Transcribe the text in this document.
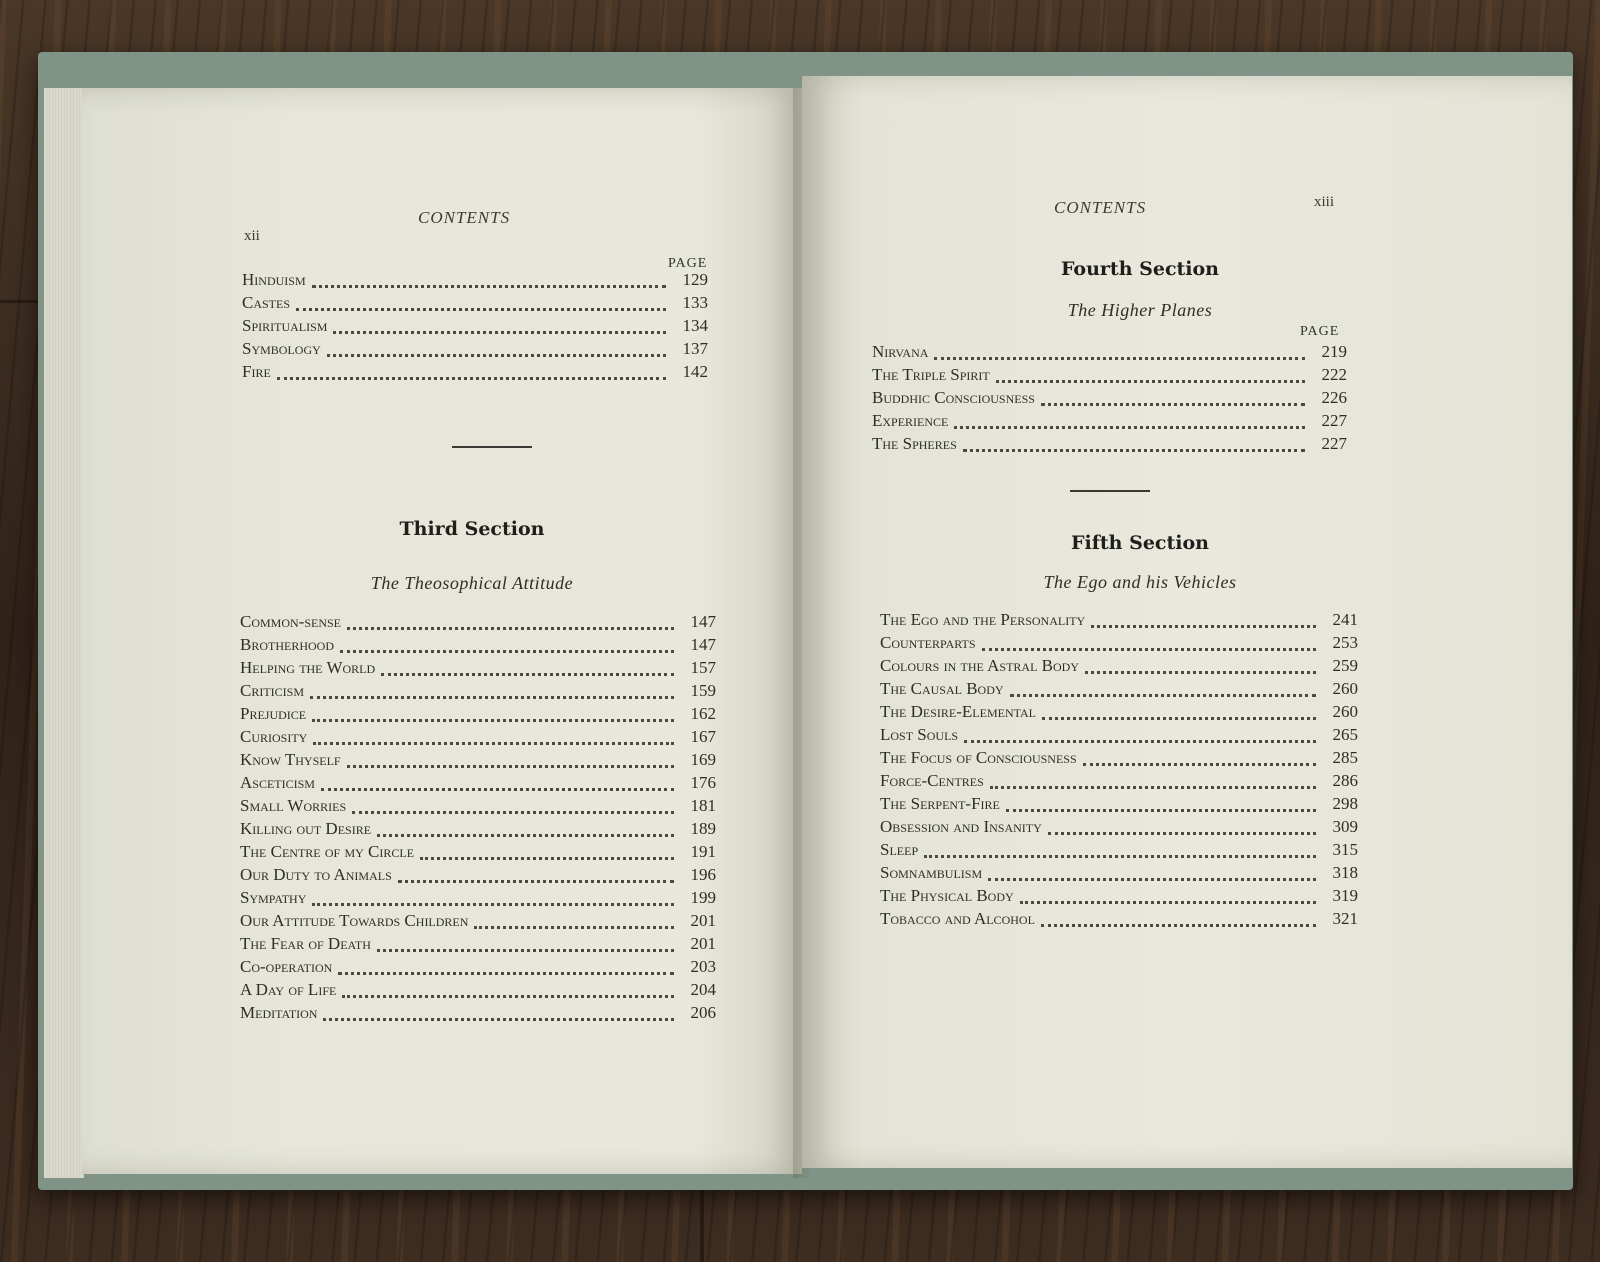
xii
CONTENTS
PAGE
Hinduism	129
Castes	133
Spiritualism	134
Symbology	137
Fire	142
Third Section
The Theosophical Attitude
Common-sense	147
Brotherhood	147
Helping the World	157
Criticism	159
Prejudice	162
Curiosity	167
Know Thyself	169
Asceticism	176
Small Worries	181
Killing out Desire	189
The Centre of my Circle	191
Our Duty to Animals	196
Sympathy	199
Our Attitude Towards Children	201
The Fear of Death	201
Co-operation	203
A Day of Life	204
Meditation	206
CONTENTS	xiii
Fourth Section
The Higher Planes
PAGE
Nirvana	219
The Triple Spirit	222
Buddhic Consciousness	226
Experience	227
The Spheres	227
Fifth Section
The Ego and his Vehicles
The Ego and the Personality	241
Counterparts	253
Colours in the Astral Body	259
The Causal Body	260
The Desire-Elemental	260
Lost Souls	265
The Focus of Consciousness	285
Force-Centres	286
The Serpent-Fire	298
Obsession and Insanity	309
Sleep	315
Somnambulism	318
The Physical Body	319
Tobacco and Alcohol	321
